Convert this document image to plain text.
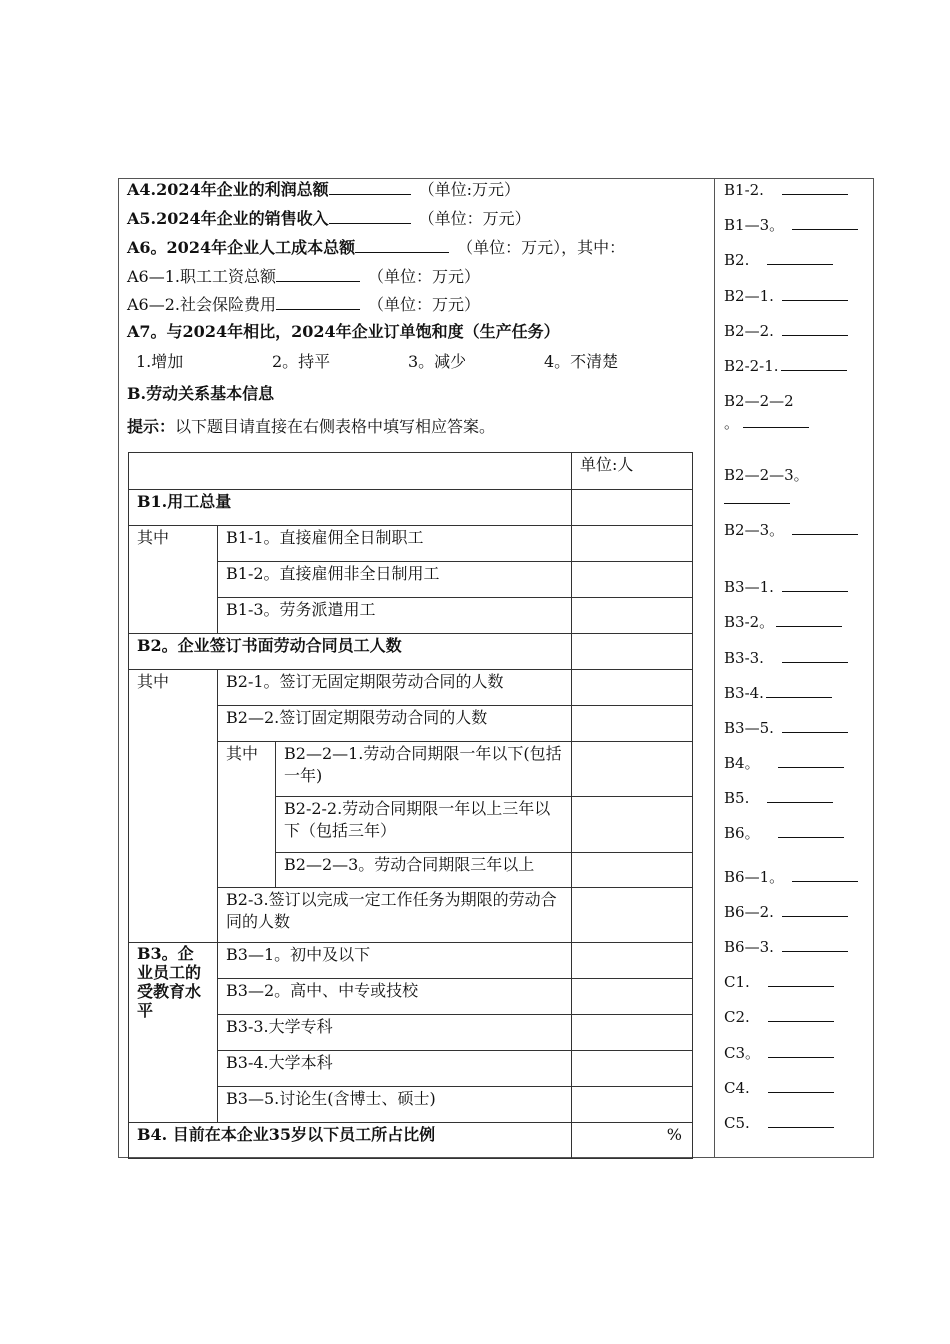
A4.2024年企业的利润总额	（单位:万元）
A5.2024年企业的销售收入	（单位：万元）
A6。2024年企业人工成本总额	（单位：万元），其中：
A6—1.职工工资总额	（单位：万元）
A6—2.社会保险费用	（单位：万元）
A7。与2024年相比，2024年企业订单饱和度（生产任务）
1.增加	2。持平	3。减少	4。不清楚
B.劳动关系基本信息
提示：以下题目请直接在右侧表格中填写相应答案。
			单位:人
B1.用工总量			
其中	B1-1。直接雇佣全日制职工		
	B1-2。直接雇佣非全日制用工		
	B1-3。劳务派遣用工		
B2。企业签订书面劳动合同员工人数			
其中	B2-1。签订无固定期限劳动合同的人数		
	B2—2.签订固定期限劳动合同的人数		
	其中	B2—2—1.劳动合同期限一年以下(包括一年)	
		B2-2-2.劳动合同期限一年以上三年以下（包括三年）	
		B2—2—3。劳动合同期限三年以上	
	B2-3.签订以完成一定工作任务为期限的劳动合同的人数		
B3。企业员工的受教育水平	B3—1。初中及以下		
	B3—2。高中、中专或技校		
	B3-3.大学专科		
	B3-4.大学本科		
	B3—5.讨论生(含博士、硕士)		
B4. 目前在本企业35岁以下员工所占比例			%
B1-2.
B1—3。
B2.
B2—1.
B2—2.
B2-2-1.
B2—2—2
。
B2—2—3。
B2—3。
B3—1.
B3-2。
B3-3.
B3-4.
B3—5.
B4。
B5.
B6。
B6—1。
B6—2.
B6—3.
C1.
C2.
C3。
C4.
C5.
